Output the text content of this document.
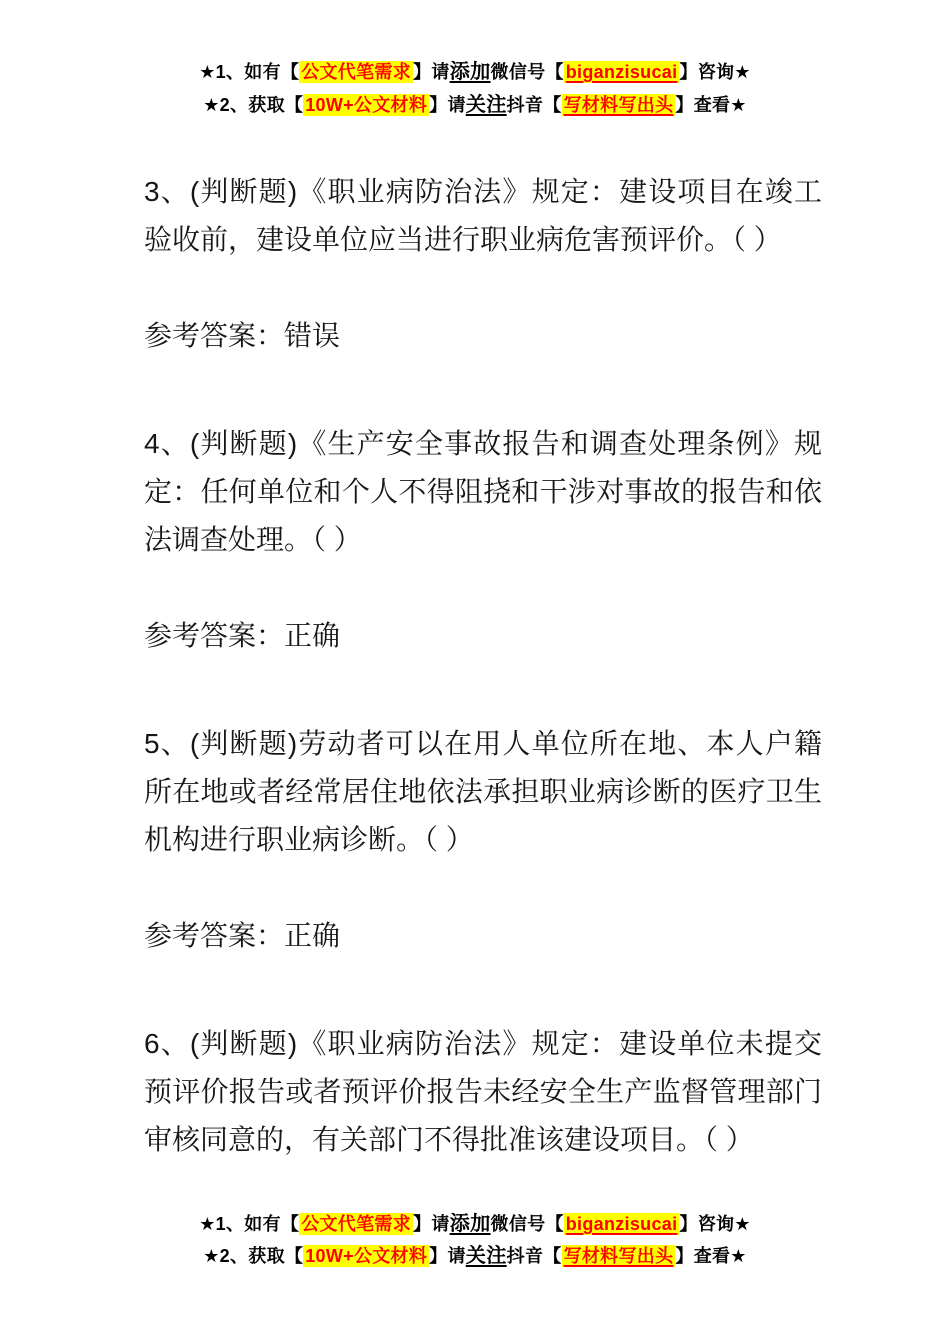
★1、如有【 公文代笔需求 】请添加微信号【 biganzisucai 】咨询★
★2、获取【 10W+公文材料 】请关注抖音【 写材料写出头 】查看★

3、(判断题)《职业病防治法》规定：建设项目在竣工验收前，建设单位应当进行职业病危害预评价。（ ）

参考答案：错误

4、(判断题)《生产安全事故报告和调查处理条例》规定：任何单位和个人不得阻挠和干涉对事故的报告和依法调查处理。（ ）

参考答案：正确

5、(判断题)劳动者可以在用人单位所在地、本人户籍所在地或者经常居住地依法承担职业病诊断的医疗卫生机构进行职业病诊断。（ ）

参考答案：正确

6、(判断题)《职业病防治法》规定：建设单位未提交预评价报告或者预评价报告未经安全生产监督管理部门审核同意的，有关部门不得批准该建设项目。（ ）

★1、如有【 公文代笔需求 】请添加微信号【 biganzisucai 】咨询★
★2、获取【 10W+公文材料 】请关注抖音【 写材料写出头 】查看★
